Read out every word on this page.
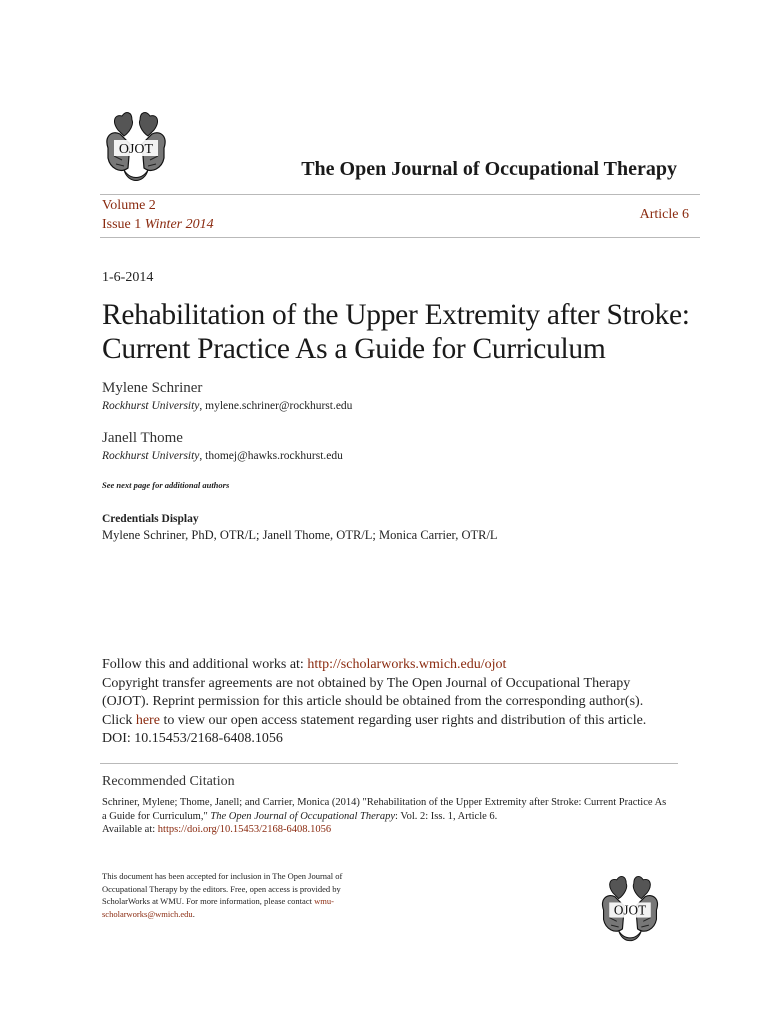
OJOT
The Open Journal of Occupational Therapy
Volume 2
Issue 1 Winter 2014
Article 6
1-6-2014
Rehabilitation of the Upper Extremity after Stroke:
Current Practice As a Guide for Curriculum
Mylene Schriner
Rockhurst University, mylene.schriner@rockhurst.edu
Janell Thome
Rockhurst University, thomej@hawks.rockhurst.edu
See next page for additional authors
Credentials Display
Mylene Schriner, PhD, OTR/L; Janell Thome, OTR/L; Monica Carrier, OTR/L
Follow this and additional works at: http://scholarworks.wmich.edu/ojot
Copyright transfer agreements are not obtained by The Open Journal of Occupational Therapy
(OJOT). Reprint permission for this article should be obtained from the corresponding author(s).
Click here to view our open access statement regarding user rights and distribution of this article.
DOI: 10.15453/2168-6408.1056
Recommended Citation
Schriner, Mylene; Thome, Janell; and Carrier, Monica (2014) "Rehabilitation of the Upper Extremity after Stroke: Current Practice As
a Guide for Curriculum," The Open Journal of Occupational Therapy: Vol. 2: Iss. 1, Article 6.
Available at: https://doi.org/10.15453/2168-6408.1056
This document has been accepted for inclusion in The Open Journal of
Occupational Therapy by the editors. Free, open access is provided by
ScholarWorks at WMU. For more information, please contact wmu-
scholarworks@wmich.edu.	OJOT
